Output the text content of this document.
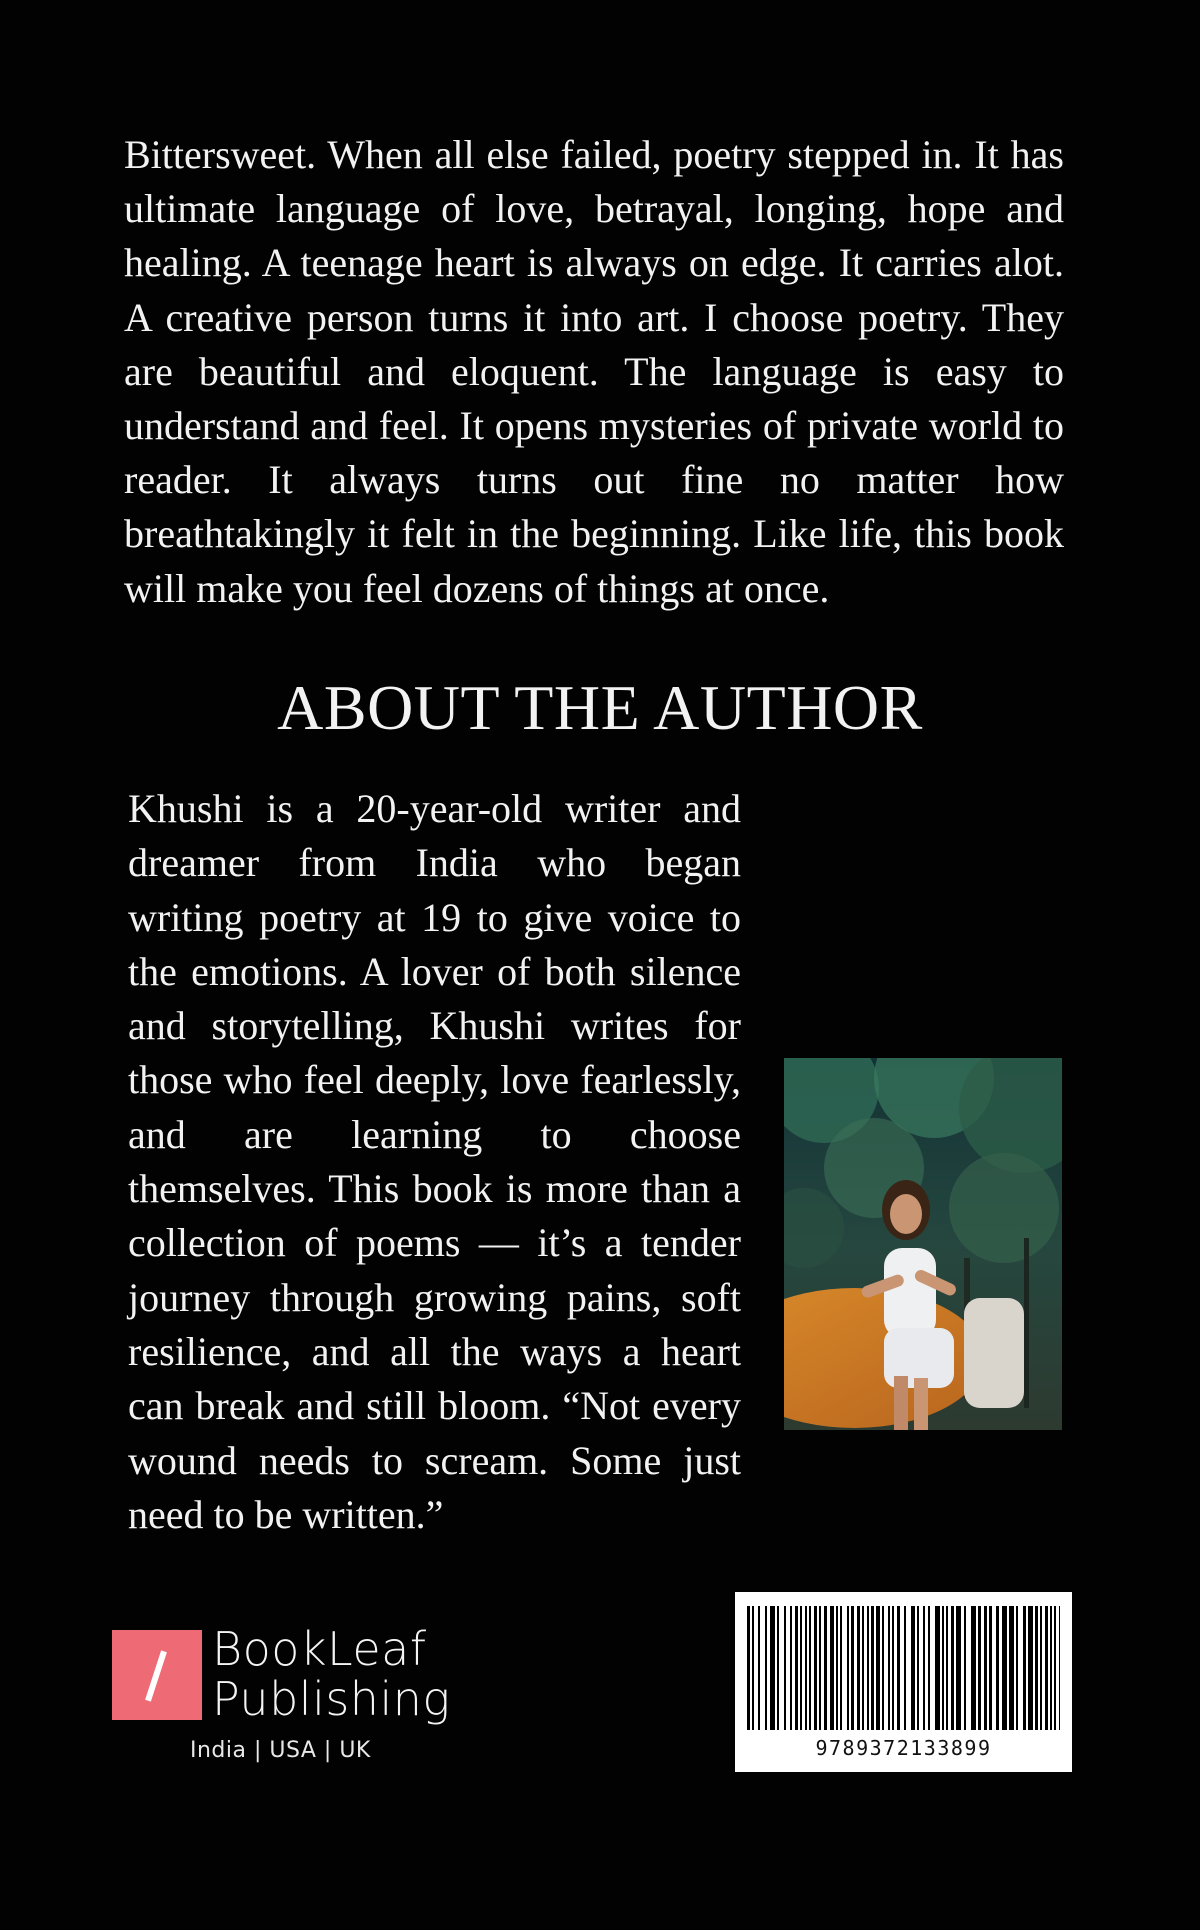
Bittersweet. When all else failed, poetry stepped in. It has ultimate language of love, betrayal, longing, hope and healing. A teenage heart is always on edge. It carries alot. A creative person turns it into art. I choose poetry. They are beautiful and eloquent. The language is easy to understand and feel. It opens mysteries of private world to reader. It always turns out fine no matter how breathtakingly it felt in the beginning. Like life, this book will make you feel dozens of things at once.

ABOUT THE AUTHOR

Khushi is a 20-year-old writer and dreamer from India who began writing poetry at 19 to give voice to the emotions. A lover of both silence and storytelling, Khushi writes for those who feel deeply, love fearlessly, and are learning to choose themselves. This book is more than a collection of poems — it’s a tender journey through growing pains, soft resilience, and all the ways a heart can break and still bloom. “Not every wound needs to scream. Some just need to be written.”

BookLeaf
Publishing
India | USA | UK	9789372133899
